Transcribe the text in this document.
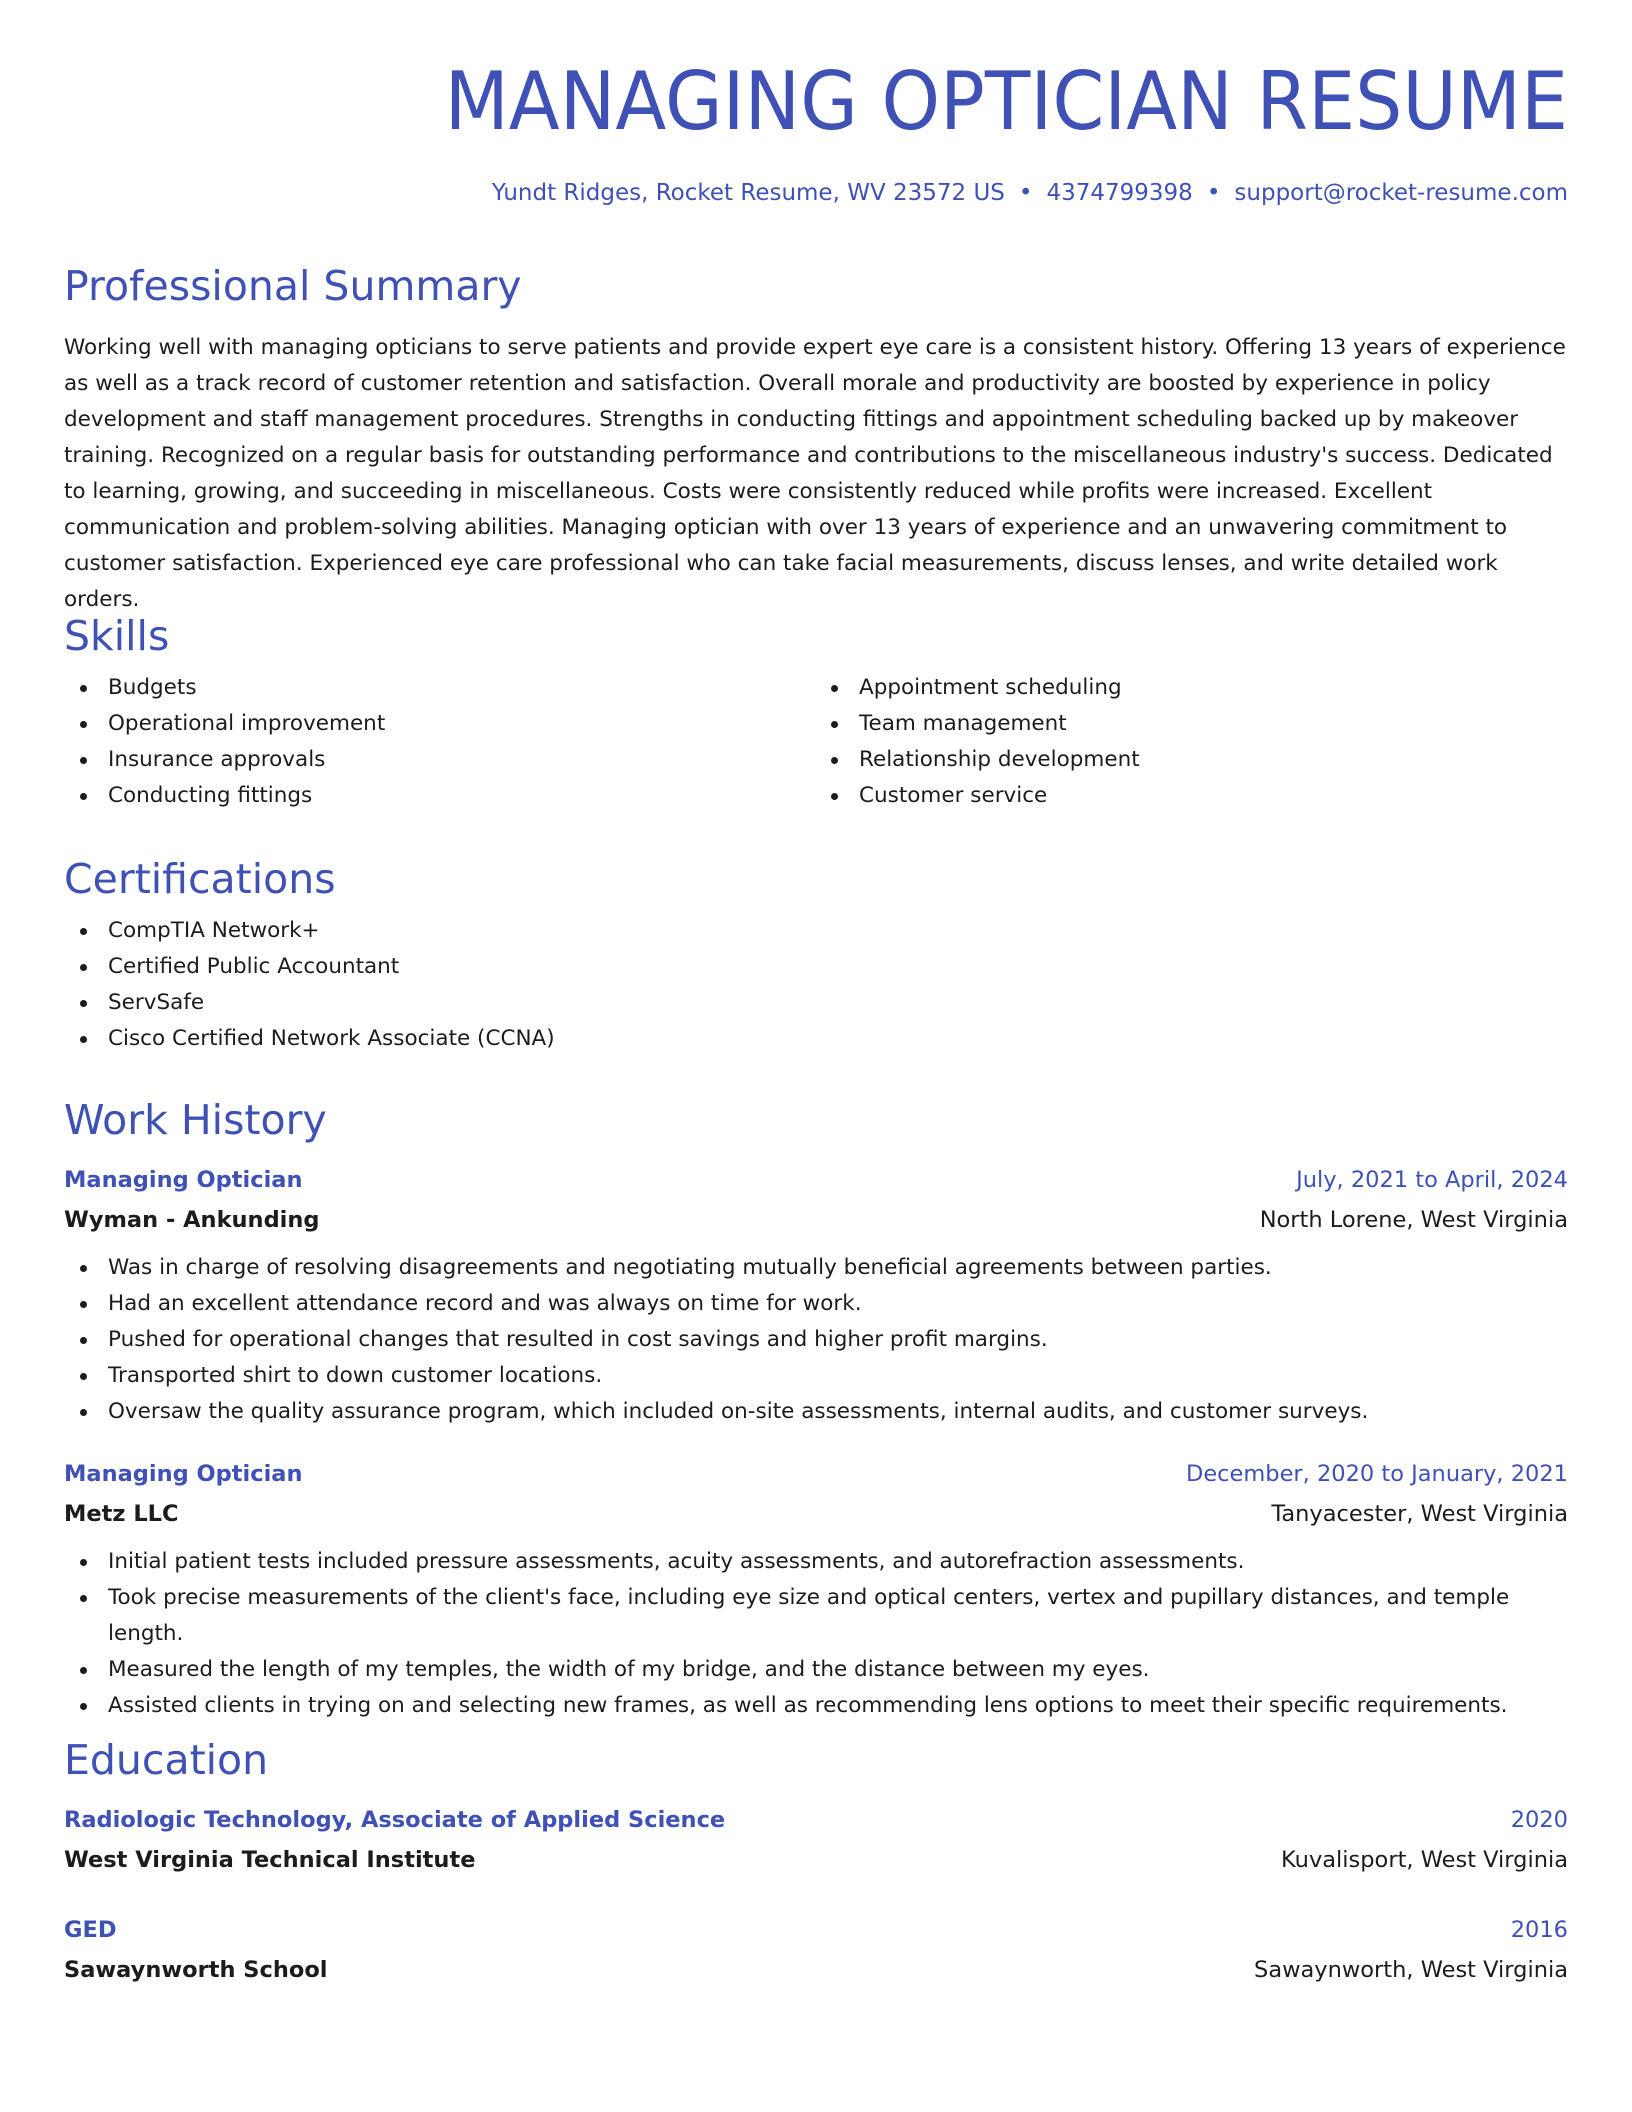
MANAGING OPTICIAN RESUME
Yundt Ridges, Rocket Resume, WV 23572 US • 4374799398 • support@rocket-resume.com
Professional Summary

Working well with managing opticians to serve patients and provide expert eye care is a consistent history. Offering 13 years of experience as well as a track record of customer retention and satisfaction. Overall morale and productivity are boosted by experience in policy development and staff management procedures. Strengths in conducting fittings and appointment scheduling backed up by makeover training. Recognized on a regular basis for outstanding performance and contributions to the miscellaneous industry's success. Dedicated to learning, growing, and succeeding in miscellaneous. Costs were consistently reduced while profits were increased. Excellent communication and problem-solving abilities. Managing optician with over 13 years of experience and an unwavering commitment to customer satisfaction. Experienced eye care professional who can take facial measurements, discuss lenses, and write detailed work orders.

Skills
Budgets
Operational improvement
Insurance approvals
Conducting fittings
Appointment scheduling
Team management
Relationship development
Customer service
Certifications
CompTIA Network+
Certified Public Accountant
ServSafe
Cisco Certified Network Associate (CCNA)
Work History
Managing Optician	July, 2021 to April, 2024
Wyman - Ankunding	North Lorene, West Virginia
Was in charge of resolving disagreements and negotiating mutually beneficial agreements between parties.
Had an excellent attendance record and was always on time for work.
Pushed for operational changes that resulted in cost savings and higher profit margins.
Transported shirt to down customer locations.
Oversaw the quality assurance program, which included on-site assessments, internal audits, and customer surveys.
Managing Optician	December, 2020 to January, 2021
Metz LLC	Tanyacester, West Virginia
Initial patient tests included pressure assessments, acuity assessments, and autorefraction assessments.
Took precise measurements of the client's face, including eye size and optical centers, vertex and pupillary distances, and temple length.
Measured the length of my temples, the width of my bridge, and the distance between my eyes.
Assisted clients in trying on and selecting new frames, as well as recommending lens options to meet their specific requirements.
Education
Radiologic Technology, Associate of Applied Science	2020
West Virginia Technical Institute	Kuvalisport, West Virginia
GED	2016
Sawaynworth School	Sawaynworth, West Virginia
